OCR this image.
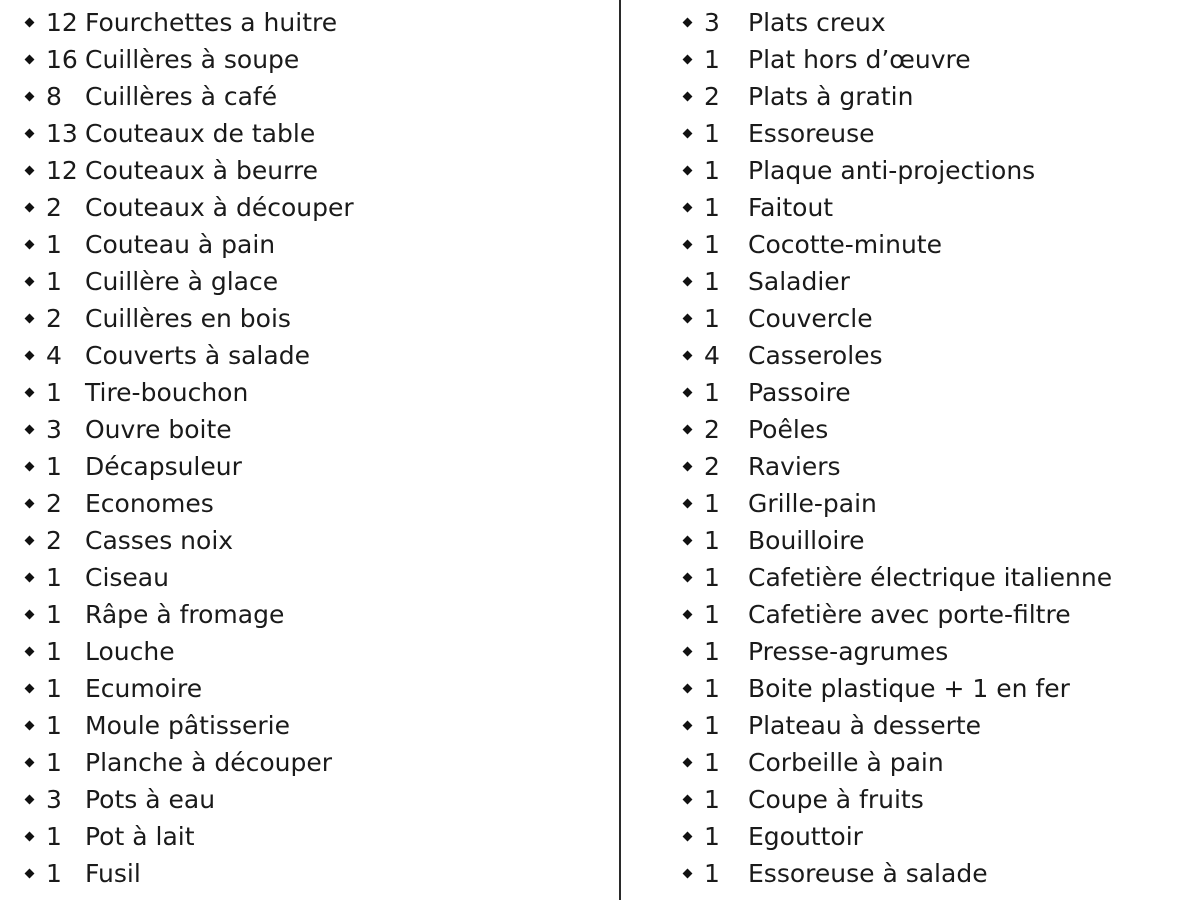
12 Fourchettes a huitre
16 Cuillères à soupe
8 Cuillères à café
13 Couteaux de table
12 Couteaux à beurre
2 Couteaux à découper
1 Couteau à pain
1 Cuillère à glace
2 Cuillères en bois
4 Couverts à salade
1 Tire-bouchon
3 Ouvre boite
1 Décapsuleur
2 Economes
2 Casses noix
1 Ciseau
1 Râpe à fromage
1 Louche
1 Ecumoire
1 Moule pâtisserie
1 Planche à découper
3 Pots à eau
1 Pot à lait
1 Fusil
3 Plats creux
1 Plat hors d’œuvre
2 Plats à gratin
1 Essoreuse
1 Plaque anti-projections
1 Faitout
1 Cocotte-minute
1 Saladier
1 Couvercle
4 Casseroles
1 Passoire
2 Poêles
2 Raviers
1 Grille-pain
1 Bouilloire
1 Cafetière électrique italienne
1 Cafetière avec porte-filtre
1 Presse-agrumes
1 Boite plastique + 1 en fer
1 Plateau à desserte
1 Corbeille à pain
1 Coupe à fruits
1 Egouttoir
1 Essoreuse à salade
